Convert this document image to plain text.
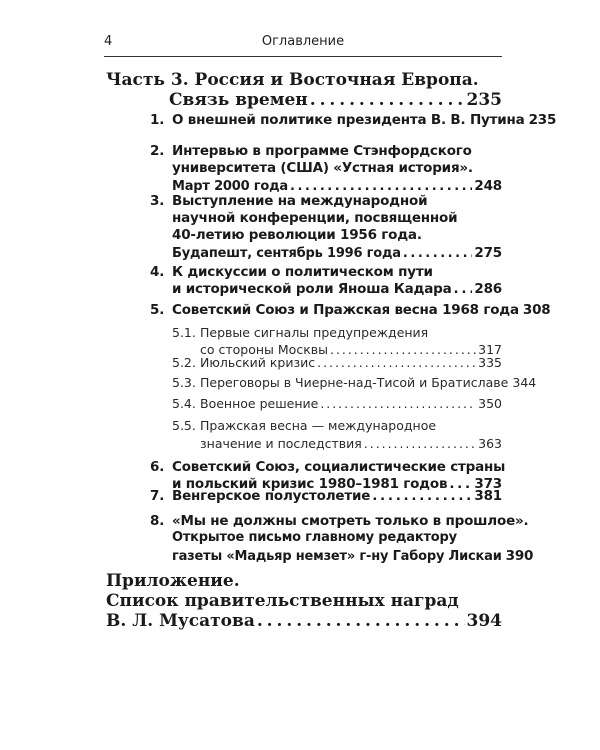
4	Оглавление
Часть 3. Россия и Восточная Европа.
Связь времен . . .	235
1. О внешней политике президента В. В. Путина 235
2. Интервью в программе Стэнфордского
университета (США) «Устная история».
Март 2000 года . . .	248
3. Выступление на международной
научной конференции, посвященной
40-летию революции 1956 года.
Будапешт, сентябрь 1996 года . . .	275
4. К дискуссии о политическом пути
и исторической роли Яноша Кадара . . . 286
5. Советский Союз и Пражская весна 1968 года 308
5.1. Первые сигналы предупреждения
со стороны Москвы . . .	317
5.2. Июльский кризис . . .	335
5.3. Переговоры в Чиерне-над-Тисой и Братиславе 344
5.4. Военное решение . . .	350
5.5. Пражская весна — международное
значение и последствия . . .	363
6. Советский Союз, социалистические страны
и польский кризис 1980–1981 годов . . . 373
7. Венгерское полустолетие . . .	381
8. «Мы не должны смотреть только в прошлое».
Открытое письмо главному редактору
газеты «Мадьяр немзет» г-ну Габору Лискаи 390
Приложение.
Список правительственных наград
В. Л. Мусатова . . .	394
